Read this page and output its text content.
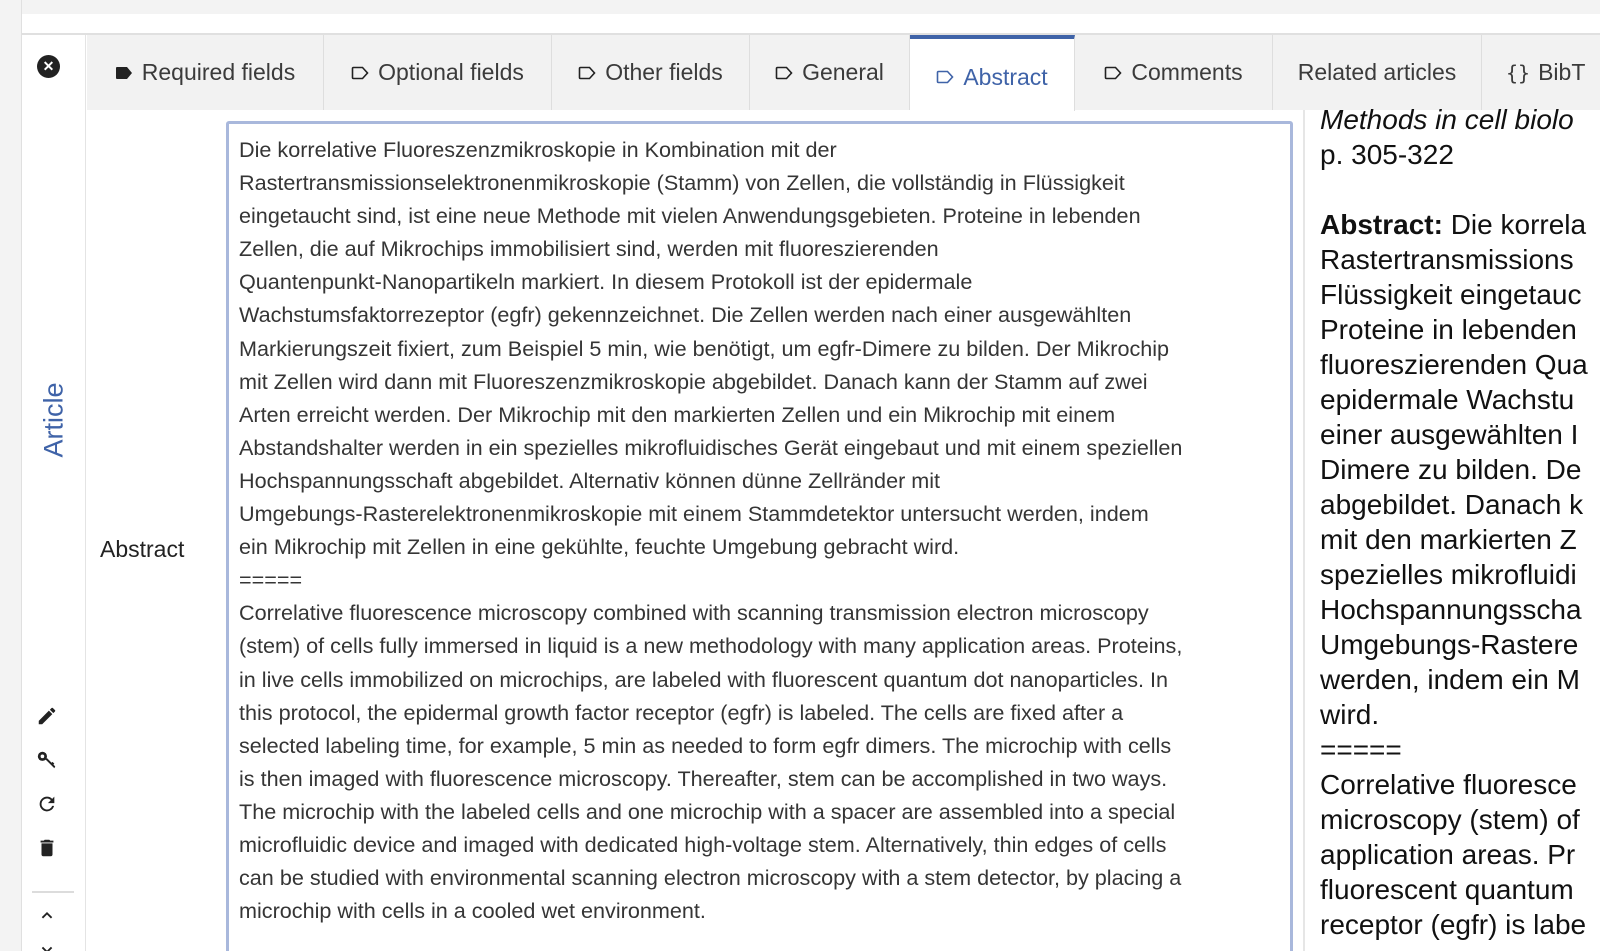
✕
Article
Required fields	Optional fields	Other fields	General	Abstract	Comments Related articles {} BibT
Abstract
Die korrelative Fluoreszenzmikroskopie in Kombination mit der
Rastertransmissionselektronenmikroskopie (Stamm) von Zellen, die vollständig in Flüssigkeit
eingetaucht sind, ist eine neue Methode mit vielen Anwendungsgebieten. Proteine in lebenden
Zellen, die auf Mikrochips immobilisiert sind, werden mit fluoreszierenden
Quantenpunkt-Nanopartikeln markiert. In diesem Protokoll ist der epidermale
Wachstumsfaktorrezeptor (egfr) gekennzeichnet. Die Zellen werden nach einer ausgewählten
Markierungszeit fixiert, zum Beispiel 5 min, wie benötigt, um egfr-Dimere zu bilden. Der Mikrochip
mit Zellen wird dann mit Fluoreszenzmikroskopie abgebildet. Danach kann der Stamm auf zwei
Arten erreicht werden. Der Mikrochip mit den markierten Zellen und ein Mikrochip mit einem
Abstandshalter werden in ein spezielles mikrofluidisches Gerät eingebaut und mit einem speziellen
Hochspannungsschaft abgebildet. Alternativ können dünne Zellränder mit
Umgebungs-Rasterelektronenmikroskopie mit einem Stammdetektor untersucht werden, indem
ein Mikrochip mit Zellen in eine gekühlte, feuchte Umgebung gebracht wird.
=====
Correlative fluorescence microscopy combined with scanning transmission electron microscopy
(stem) of cells fully immersed in liquid is a new methodology with many application areas. Proteins,
in live cells immobilized on microchips, are labeled with fluorescent quantum dot nanoparticles. In
this protocol, the epidermal growth factor receptor (egfr) is labeled. The cells are fixed after a
selected labeling time, for example, 5 min as needed to form egfr dimers. The microchip with cells
is then imaged with fluorescence microscopy. Thereafter, stem can be accomplished in two ways.
The microchip with the labeled cells and one microchip with a spacer are assembled into a special
microfluidic device and imaged with dedicated high-voltage stem. Alternatively, thin edges of cells
can be studied with environmental scanning electron microscopy with a stem detector, by placing a
microchip with cells in a cooled wet environment.
Methods in cell biolo
p. 305-322

Abstract: Die korrela
Rastertransmissions
Flüssigkeit eingetauc
Proteine in lebenden
fluoreszierenden Qua
epidermale Wachstu
einer ausgewählten I
Dimere zu bilden. De
abgebildet. Danach k
mit den markierten Z
spezielles mikrofluidi
Hochspannungsscha
Umgebungs-Rastere
werden, indem ein M
wird.
=====
Correlative fluoresce
microscopy (stem) of
application areas. Pr
fluorescent quantum
receptor (egfr) is labe
